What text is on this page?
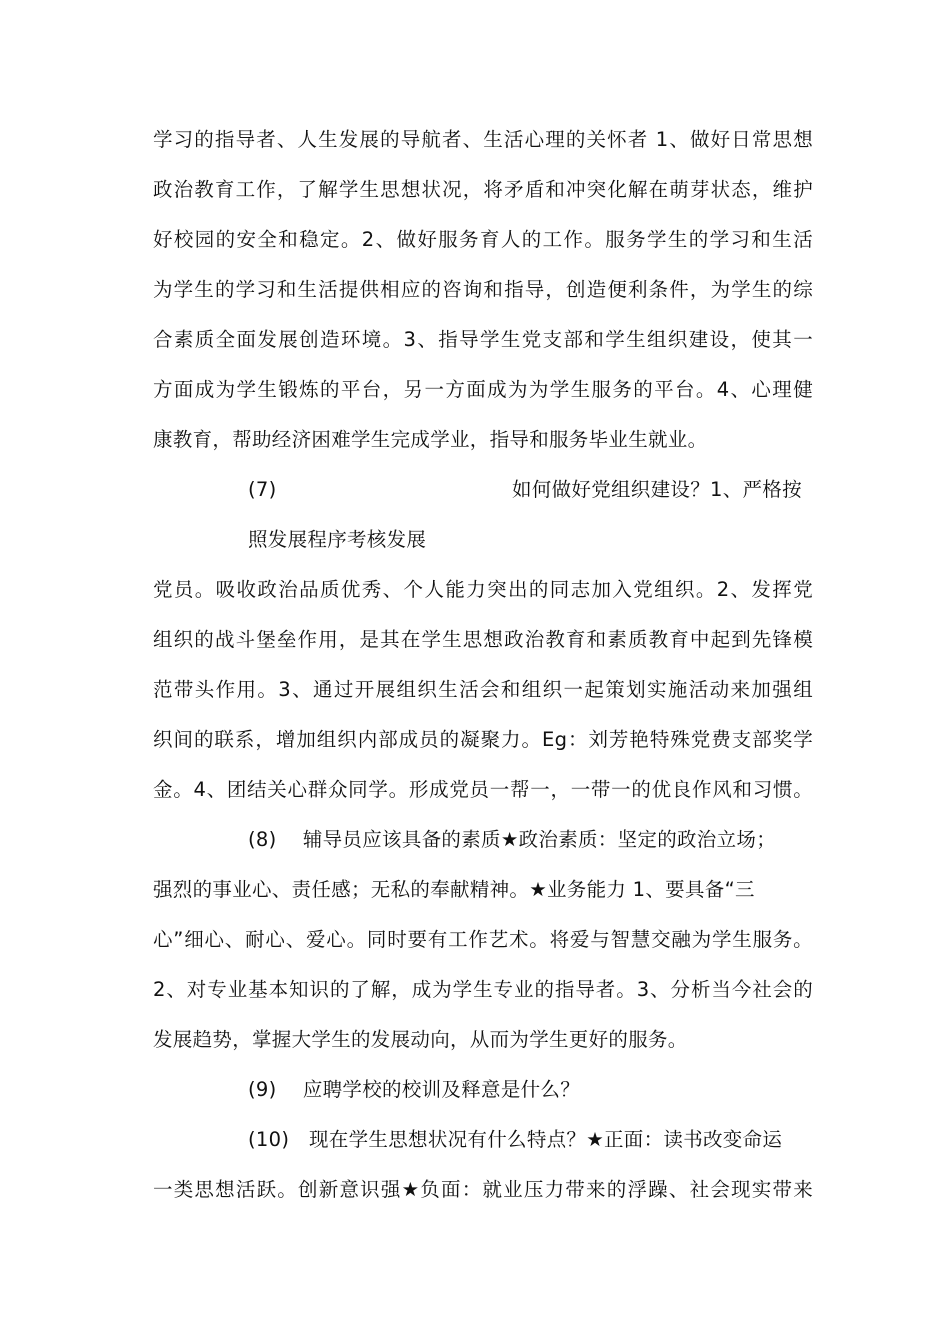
学习的指导者、人生发展的导航者、生活心理的关怀者 1、做好日常思想
政治教育工作，了解学生思想状况，将矛盾和冲突化解在萌芽状态，维护
好校园的安全和稳定。2、做好服务育人的工作。服务学生的学习和生活
为学生的学习和生活提供相应的咨询和指导，创造便利条件，为学生的综
合素质全面发展创造环境。3、指导学生党支部和学生组织建设，使其一
方面成为学生锻炼的平台，另一方面成为为学生服务的平台。4、心理健
康教育，帮助经济困难学生完成学业，指导和服务毕业生就业。
(7)	如何做好党组织建设？1、严格按
照发展程序考核发展
党员。吸收政治品质优秀、个人能力突出的同志加入党组织。2、发挥党
组织的战斗堡垒作用，是其在学生思想政治教育和素质教育中起到先锋模
范带头作用。3、通过开展组织生活会和组织一起策划实施活动来加强组
织间的联系，增加组织内部成员的凝聚力。Eg：刘芳艳特殊党费支部奖学
金。4、团结关心群众同学。形成党员一帮一，一带一的优良作风和习惯。
(8)　 辅导员应该具备的素质★政治素质：坚定的政治立场；
强烈的事业心、责任感；无私的奉献精神。★业务能力 1、要具备“三
心”细心、耐心、爱心。同时要有工作艺术。将爱与智慧交融为学生服务。
2、对专业基本知识的了解，成为学生专业的指导者。3、分析当今社会的
发展趋势，掌握大学生的发展动向，从而为学生更好的服务。
(9)　 应聘学校的校训及释意是什么？
(10)　现在学生思想状况有什么特点？★正面：读书改变命运
一类思想活跃。创新意识强★负面：就业压力带来的浮躁、社会现实带来
